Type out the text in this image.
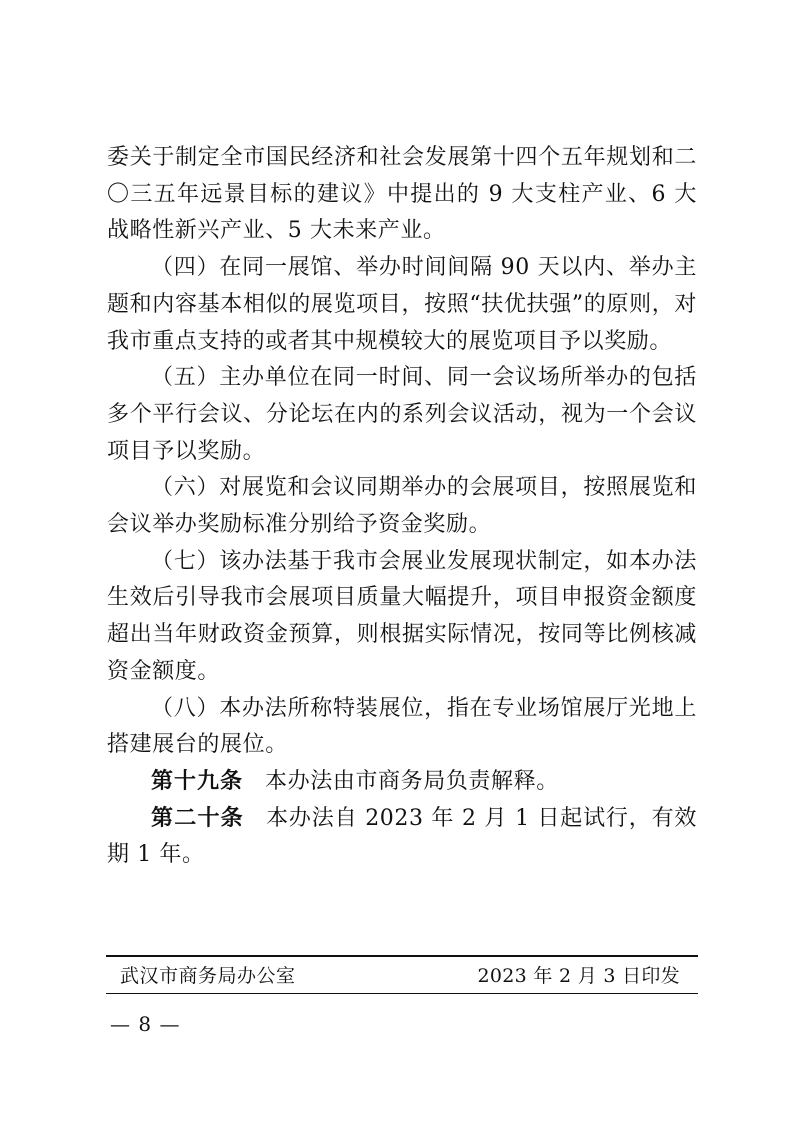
委关于制定全市国民经济和社会发展第十四个五年规划和二〇三五年远景目标的建议》中提出的 9 大支柱产业、6 大战略性新兴产业、5 大未来产业。

（四）在同一展馆、举办时间间隔 90 天以内、举办主题和内容基本相似的展览项目，按照“扶优扶强”的原则，对我市重点支持的或者其中规模较大的展览项目予以奖励。

（五）主办单位在同一时间、同一会议场所举办的包括多个平行会议、分论坛在内的系列会议活动，视为一个会议项目予以奖励。

（六）对展览和会议同期举办的会展项目，按照展览和会议举办奖励标准分别给予资金奖励。

（七）该办法基于我市会展业发展现状制定，如本办法生效后引导我市会展项目质量大幅提升，项目申报资金额度超出当年财政资金预算，则根据实际情况，按同等比例核减资金额度。

（八）本办法所称特装展位，指在专业场馆展厅光地上搭建展台的展位。

第十九条 本办法由市商务局负责解释。

第二十条 本办法自 2023 年 2 月 1 日起试行，有效期 1 年。

武汉市商务局办公室	2023 年 2 月 3 日印发
— 8 —
